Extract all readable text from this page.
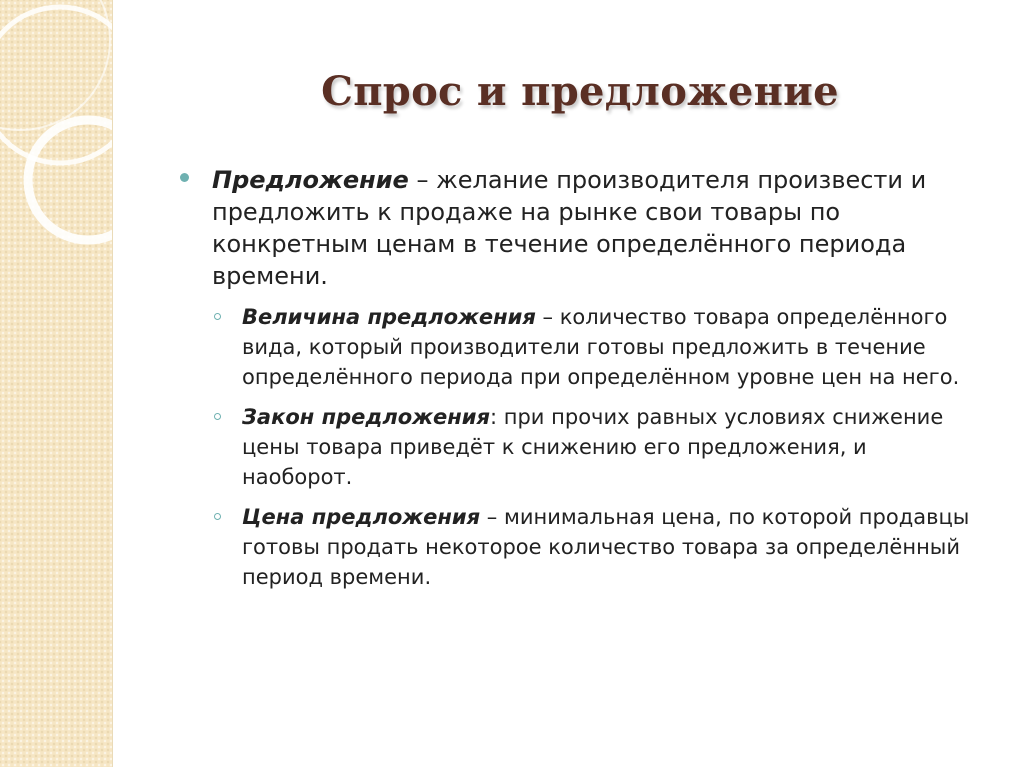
Спрос и предложение
Предложение – желание производителя произвести и предложить к продаже на рынке свои товары по конкретным ценам в течение определённого периода времени.
Величина предложения – количество товара определённого вида, который производители готовы предложить в течение определённого периода при определённом уровне цен на него.
Закон предложения: при прочих равных условиях снижение цены товара приведёт к снижению его предложения, и наоборот.
Цена предложения – минимальная цена, по которой продавцы готовы продать некоторое количество товара за определённый период времени.
